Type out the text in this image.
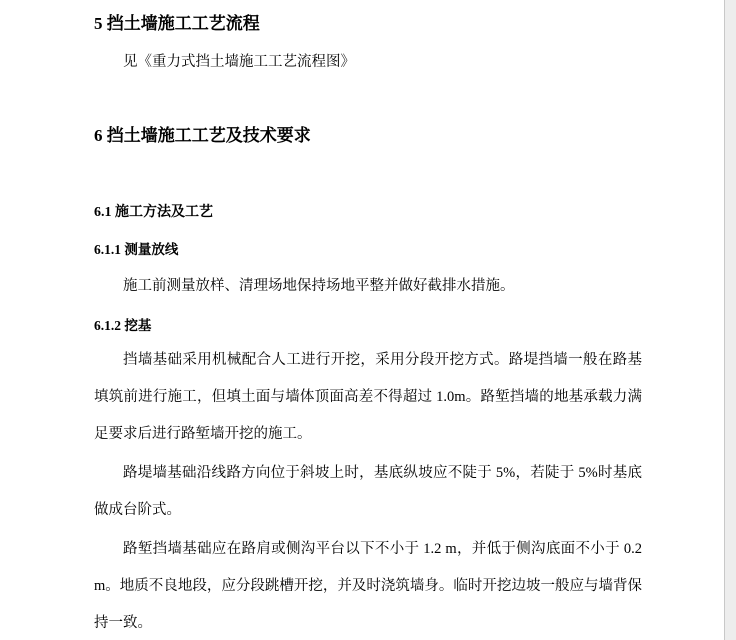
5 挡土墙施工工艺流程

见《重力式挡土墙施工工艺流程图》

6 挡土墙施工工艺及技术要求
6.1 施工方法及工艺
6.1.1 测量放线

施工前测量放样、清理场地保持场地平整并做好截排水措施。

6.1.2 挖基

挡墙基础采用机械配合人工进行开挖，采用分段开挖方式。路堤挡墙一般在路基填筑前进行施工，但填土面与墙体顶面高差不得超过 1.0m。路堑挡墙的地基承载力满足要求后进行路堑墙开挖的施工。

路堤墙基础沿线路方向位于斜坡上时，基底纵坡应不陡于 5%，若陡于 5%时基底做成台阶式。

路堑挡墙基础应在路肩或侧沟平台以下不小于 1.2 m，并低于侧沟底面不小于 0.2 m。地质不良地段，应分段跳槽开挖，并及时浇筑墙身。临时开挖边坡一般应与墙背保持一致。
